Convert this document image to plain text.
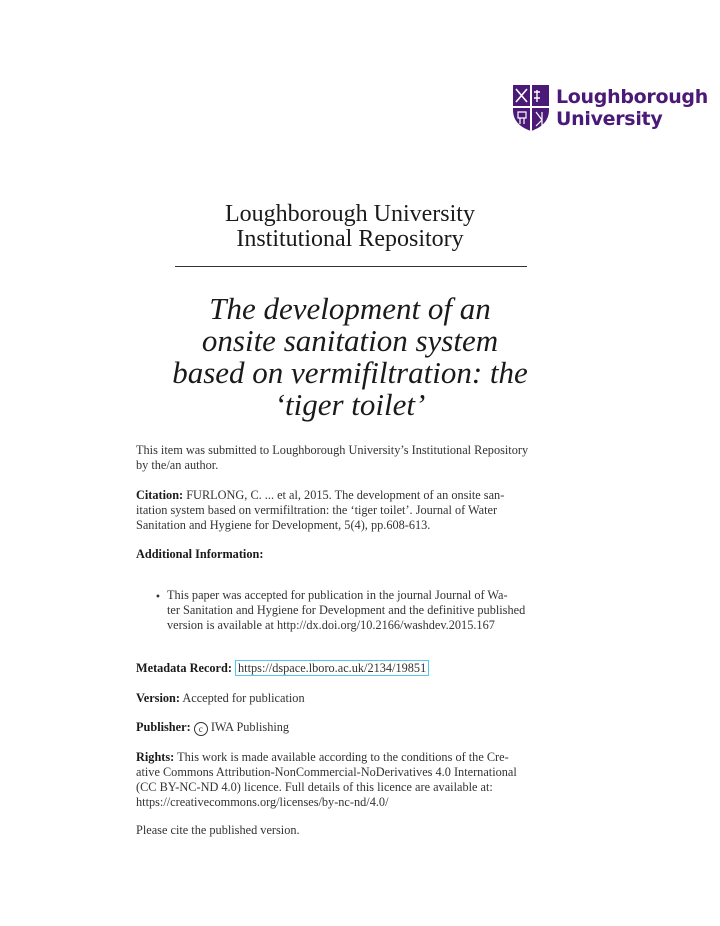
Loughborough
University
Loughborough University
Institutional Repository
The development of an
onsite sanitation system
based on vermifiltration: the
‘tiger toilet’

This item was submitted to Loughborough University’s Institutional Repository
by the/an author.

Citation: FURLONG, C. ... et al, 2015. The development of an onsite san-
itation system based on vermifiltration: the ‘tiger toilet’. Journal of Water
Sanitation and Hygiene for Development, 5(4), pp.608-613.

Additional Information:

• This paper was accepted for publication in the journal Journal of Wa-
ter Sanitation and Hygiene for Development and the definitive published
version is available at http://dx.doi.org/10.2166/washdev.2015.167

Metadata Record: https://dspace.lboro.ac.uk/2134/19851

Version: Accepted for publication

Publisher: c IWA Publishing

Rights: This work is made available according to the conditions of the Cre-
ative Commons Attribution-NonCommercial-NoDerivatives 4.0 International
(CC BY-NC-ND 4.0) licence. Full details of this licence are available at:
https://creativecommons.org/licenses/by-nc-nd/4.0/

Please cite the published version.
